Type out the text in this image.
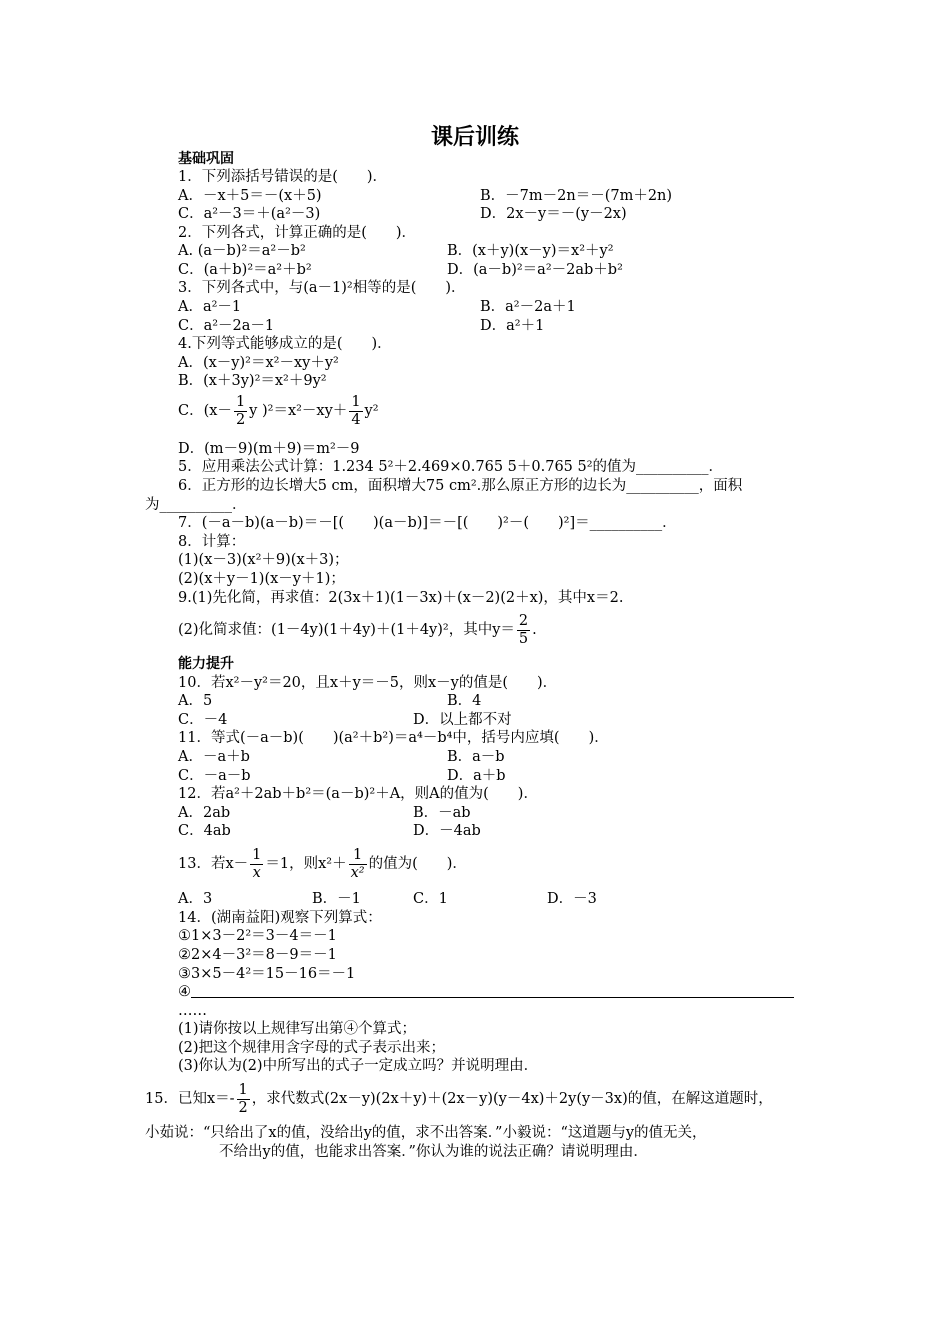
课后训练
基础巩固
1．下列添括号错误的是(　　)．
A．－x＋5＝－(x＋5)	B．－7m－2n＝－(7m＋2n)
C．a²－3＝＋(a²－3)	D．2x－y＝－(y－2x)
2．下列各式，计算正确的是(　　)．
A. (a－b)²＝a²－b²	B．(x＋y)(x－y)＝x²＋y²
C．(a＋b)²＝a²＋b²	D．(a－b)²＝a²－2ab＋b²
3．下列各式中，与(a－1)²相等的是(　　)．
A．a²－1	B．a²－2a＋1
C．a²－2a－1	D．a²＋1
4.下列等式能够成立的是(　　)．
A．(x－y)²＝x²－xy＋y²
B．(x＋3y)²＝x²＋9y²
C．($x- \frac{1}{2}$ y )$^2=x^2-xy+ \frac{1}{4} y^2$
D．(m－9)(m＋9)＝m²－9
5．应用乘法公式计算：1.234 5²＋2.469×0.765 5＋0.765 5²的值为__________．
6．正方形的边长增大5 cm，面积增大75 cm².那么原正方形的边长为__________，面积
为__________．
7．(－a－b)(a－b)＝－[(　　)(a－b)]＝－[(　　)²－(　　)²]＝__________．
8．计算：
(1)(x－3)(x²＋9)(x＋3)；
(2)(x＋y－1)(x－y＋1)；
9.(1)先化简，再求值：2(3x＋1)(1－3x)＋(x－2)(2＋x)，其中x＝2.
(2)化简求值：(1－4y)(1＋4y)＋(1＋4y)²，其中$y= \frac{2}{5}$ .
能力提升
10．若x²－y²＝20，且x＋y＝－5，则x－y的值是(　　)．
A．5	B．4
C．－4	D．以上都不对
11．等式(－a－b)(　　)(a²＋b²)＝a⁴－b⁴中，括号内应填(　　)．
A．－a＋b	B．a－b
C．－a－b	D．a＋b
12．若a²＋2ab＋b²＝(a－b)²＋A，则A的值为(　　)．
A．2ab	B．－ab
C．4ab	D．－4ab
13．若$x- \frac{1}{x} =1$，则$x^2+ \frac{1}{\text{x²}}$ 的值为(　　)．
A．3	B．－1	C．1	D．－3
14．(湖南益阳)观察下列算式：
①1×3－2²＝3－4＝－1
②2×4－3²＝8－9＝－1
③3×5－4²＝15－16＝－1
④
……
(1)请你按以上规律写出第④个算式；
(2)把这个规律用含字母的式子表示出来；
(3)你认为(2)中所写出的式子一定成立吗？并说明理由．
15．已知$x=- \frac{1}{2}$ ，求代数式(2x－y)(2x＋y)＋(2x－y)(y－4x)＋2y(y－3x)的值，在解这道题时，
小茹说：“只给出了x的值，没给出y的值，求不出答案．”小毅说：“这道题与y的值无关，
不给出y的值，也能求出答案．”你认为谁的说法正确？请说明理由．
